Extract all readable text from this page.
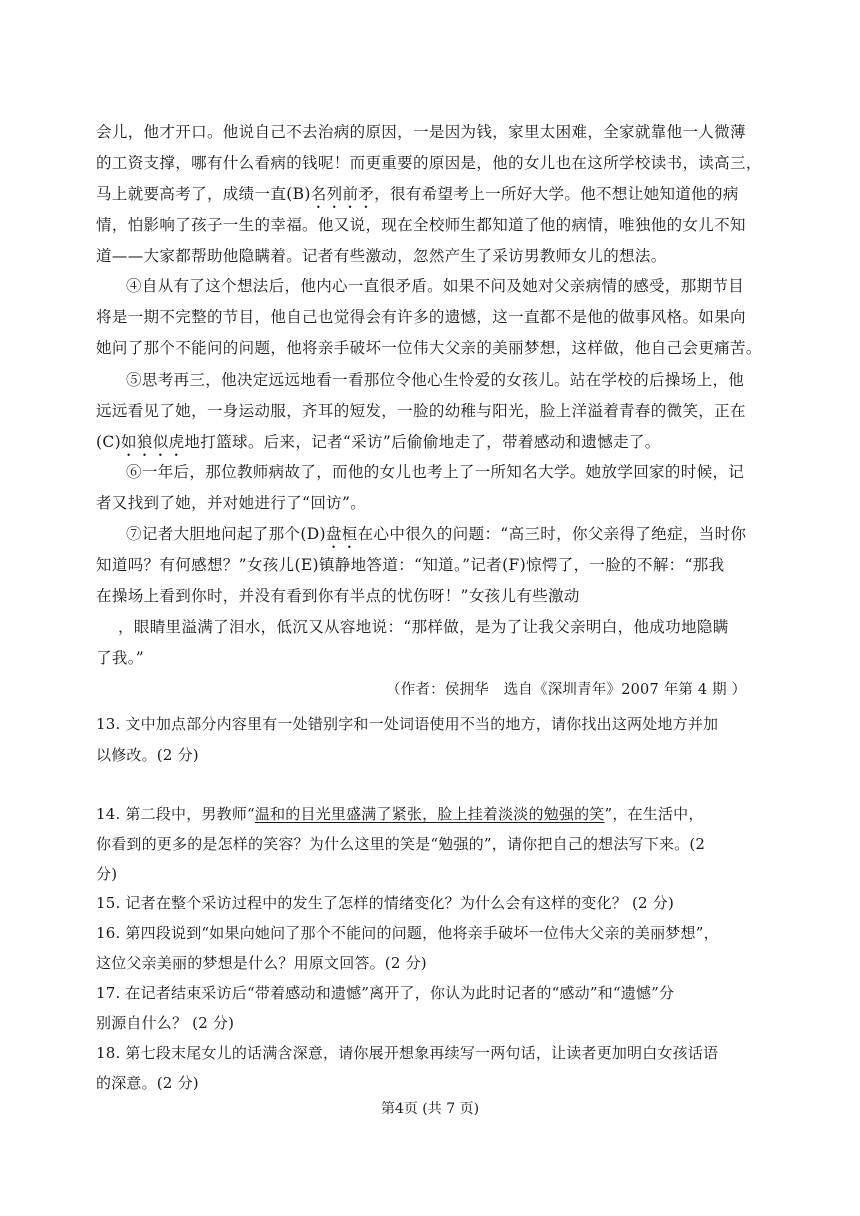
会儿，他才开口。他说自己不去治病的原因，一是因为钱，家里太困难，全家就靠他一人微薄
的工资支撑，哪有什么看病的钱呢！而更重要的原因是，他的女儿也在这所学校读书，读高三，
马上就要高考了，成绩一直(B)名列前矛，很有希望考上一所好大学。他不想让她知道他的病
情，怕影响了孩子一生的幸福。他又说，现在全校师生都知道了他的病情，唯独他的女儿不知
道——大家都帮助他隐瞒着。记者有些激动，忽然产生了采访男教师女儿的想法。
④自从有了这个想法后，他内心一直很矛盾。如果不问及她对父亲病情的感受，那期节目
将是一期不完整的节目，他自己也觉得会有许多的遗憾，这一直都不是他的做事风格。如果向
她问了那个不能问的问题，他将亲手破坏一位伟大父亲的美丽梦想，这样做，他自己会更痛苦。
⑤思考再三，他决定远远地看一看那位令他心生怜爱的女孩儿。站在学校的后操场上，他
远远看见了她，一身运动服，齐耳的短发，一脸的幼稚与阳光，脸上洋溢着青春的微笑，正在
(C)如狼似虎地打篮球。后来，记者“采访”后偷偷地走了，带着感动和遗憾走了。
⑥一年后，那位教师病故了，而他的女儿也考上了一所知名大学。她放学回家的时候，记
者又找到了她，并对她进行了“回访”。
⑦记者大胆地问起了那个(D)盘桓在心中很久的问题：“高三时，你父亲得了绝症，当时你
知道吗？有何感想？”女孩儿(E)镇静地答道：“知道。”记者(F)惊愕了，一脸的不解：“那我
在操场上看到你时，并没有看到你有半点的忧伤呀！”女孩儿有些激动
，眼睛里溢满了泪水，低沉又从容地说：“那样做，是为了让我父亲明白，他成功地隐瞒
了我。”
（作者：侯拥华　选自《深圳青年》2007 年第 4 期 ）
13. 文中加点部分内容里有一处错别字和一处词语使用不当的地方，请你找出这两处地方并加
以修改。(2 分)
14. 第二段中，男教师“温和的目光里盛满了紧张，脸上挂着淡淡的勉强的笑”，在生活中，
你看到的更多的是怎样的笑容？为什么这里的笑是“勉强的”，请你把自己的想法写下来。(2
分)
15. 记者在整个采访过程中的发生了怎样的情绪变化？为什么会有这样的变化？ (2 分)
16. 第四段说到“如果向她问了那个不能问的问题，他将亲手破坏一位伟大父亲的美丽梦想”，
这位父亲美丽的梦想是什么？用原文回答。(2 分)
17. 在记者结束采访后“带着感动和遗憾”离开了，你认为此时记者的“感动”和“遗憾”分
别源自什么？ (2 分)
18. 第七段末尾女儿的话满含深意，请你展开想象再续写一两句话，让读者更加明白女孩话语
的深意。(2 分)
第4页 (共 7 页)
